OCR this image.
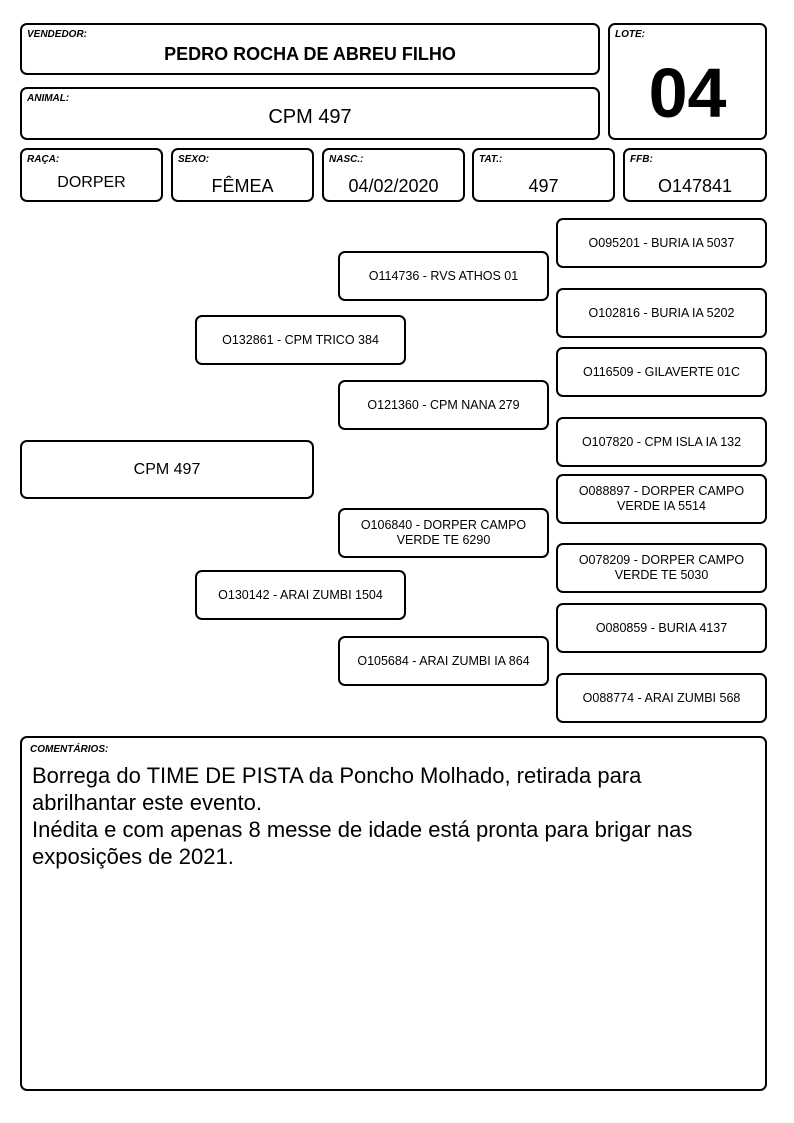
VENDEDOR:
PEDRO ROCHA DE ABREU FILHO
LOTE:
04
ANIMAL:
CPM 497
RAÇA:
DORPER
SEXO:
FÊMEA
NASC.:
04/02/2020
TAT.:
497
FFB:
O147841
CPM 497
O132861 - CPM TRICO 384
O130142 - ARAI ZUMBI 1504
O114736 - RVS ATHOS 01
O121360 - CPM NANA 279
O106840 - DORPER CAMPO VERDE TE 6290
O105684 - ARAI ZUMBI IA 864
O095201 - BURIA IA 5037
O102816 - BURIA IA 5202
O116509 - GILAVERTE 01C
O107820 - CPM ISLA IA 132
O088897 - DORPER CAMPO VERDE IA 5514
O078209 - DORPER CAMPO VERDE TE 5030
O080859 - BURIA 4137
O088774 - ARAI ZUMBI 568
COMENTÁRIOS:
Borrega do TIME DE PISTA da Poncho Molhado, retirada para abrilhantar este evento.
Inédita e com apenas 8 messe de idade está pronta para brigar nas exposições de 2021.
